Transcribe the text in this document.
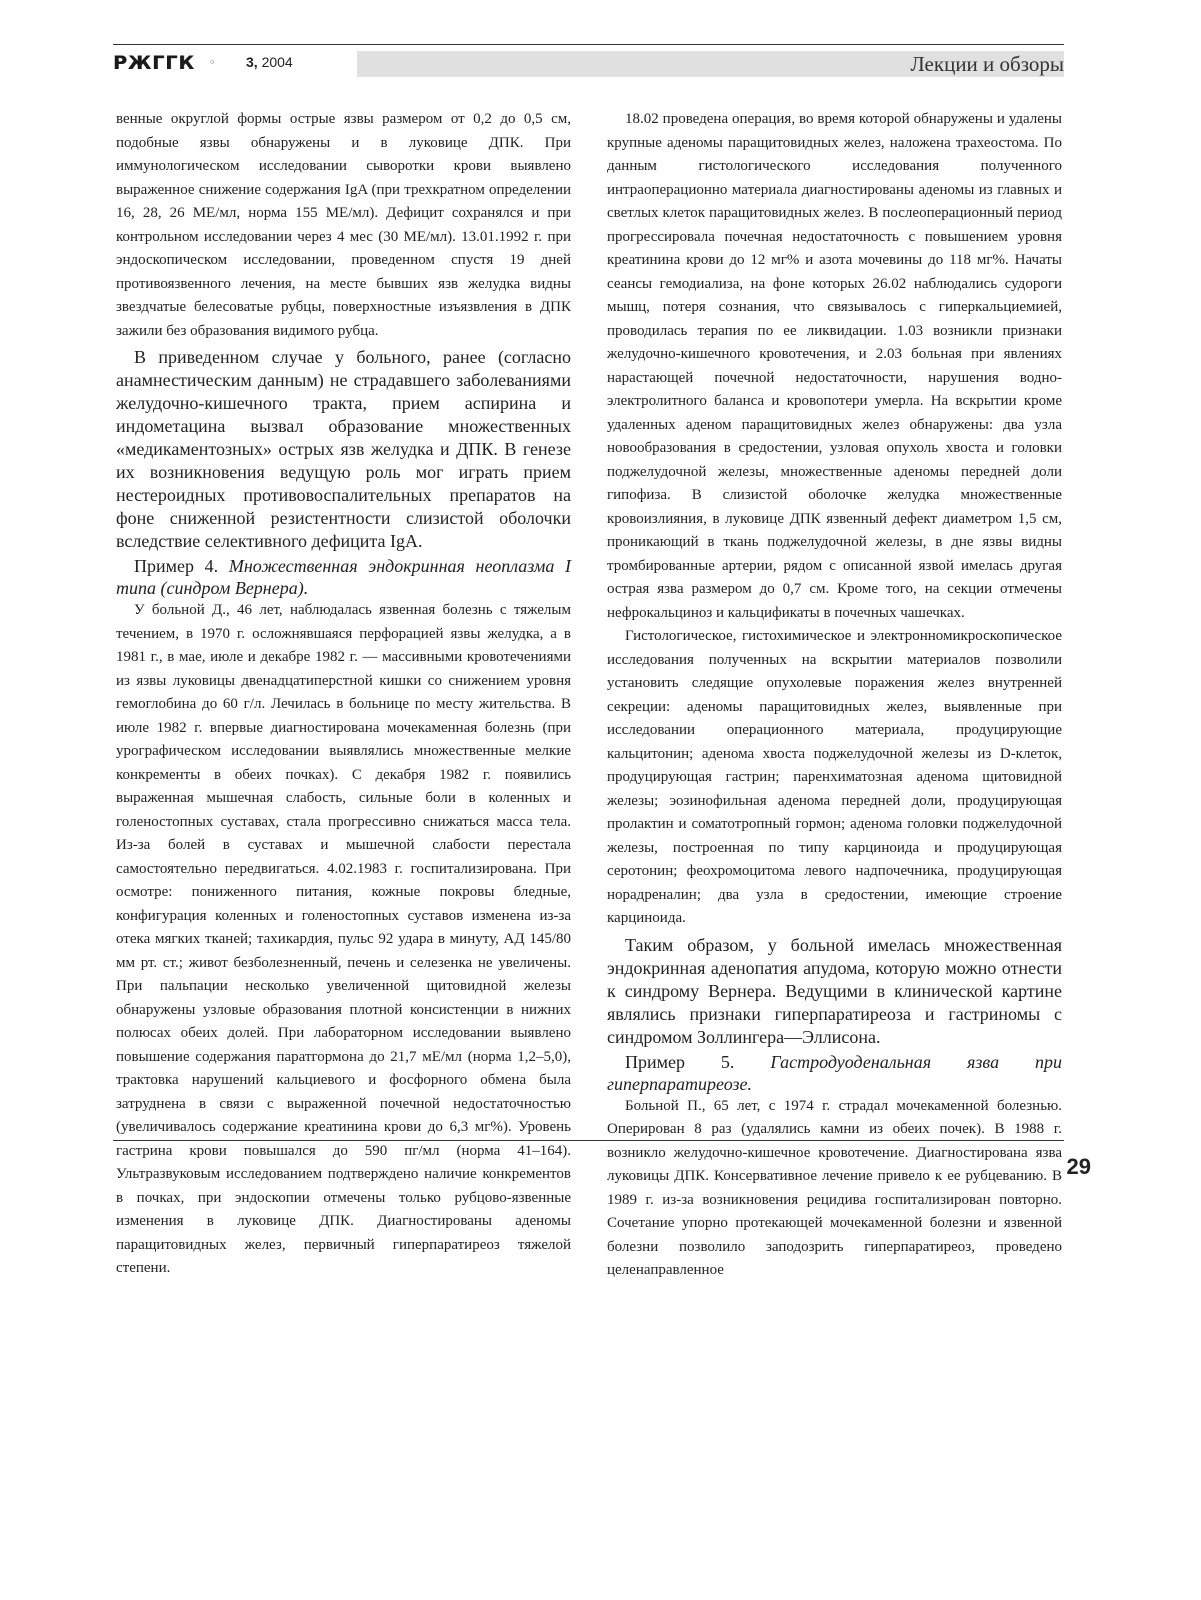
РЖГГК ◦ 3, 2004	Лекции и обзоры

венные округлой формы острые язвы размером от 0,2 до 0,5 см, подобные язвы обнаружены и в луковице ДПК. При иммунологическом исследовании сыворотки крови выявлено выраженное снижение содержания IgA (при трехкратном определении 16, 28, 26 МЕ/мл, норма 155 МЕ/мл). Дефицит сохранялся и при контрольном исследовании через 4 мес (30 МЕ/мл). 13.01.1992 г. при эндоскопическом исследовании, проведенном спустя 19 дней противоязвенного лечения, на месте бывших язв желудка видны звездчатые белесоватые рубцы, поверхностные изъязвления в ДПК зажили без образования видимого рубца.

В приведенном случае у больного, ранее (согласно анамнестическим данным) не страдавшего заболеваниями желудочно-кишечного тракта, прием аспирина и индометацина вызвал образование множественных «медикаментозных» острых язв желудка и ДПК. В генезе их возникновения ведущую роль мог играть прием нестероидных противовоспалительных препаратов на фоне сниженной резистентности слизистой оболочки вследствие селективного дефицита IgA.

Пример 4. Множественная эндокринная неоплазма I типа (синдром Вернера).

У больной Д., 46 лет, наблюдалась язвенная болезнь с тяжелым течением, в 1970 г. осложнявшаяся перфорацией язвы желудка, а в 1981 г., в мае, июле и декабре 1982 г. — массивными кровотечениями из язвы луковицы двенадцатиперстной кишки со снижением уровня гемоглобина до 60 г/л. Лечилась в больнице по месту жительства. В июле 1982 г. впервые диагностирована мочекаменная болезнь (при урографическом исследовании выявлялись множественные мелкие конкременты в обеих почках). С декабря 1982 г. появились выраженная мышечная слабость, сильные боли в коленных и голеностопных суставах, стала прогрессивно снижаться масса тела. Из-за болей в суставах и мышечной слабости перестала самостоятельно передвигаться. 4.02.1983 г. госпитализирована. При осмотре: пониженного питания, кожные покровы бледные, конфигурация коленных и голеностопных суставов изменена из-за отека мягких тканей; тахикардия, пульс 92 удара в минуту, АД 145/80 мм рт. ст.; живот безболезненный, печень и селезенка не увеличены. При пальпации несколько увеличенной щитовидной железы обнаружены узловые образования плотной консистенции в нижних полюсах обеих долей. При лабораторном исследовании выявлено повышение содержания паратгормона до 21,7 мЕ/мл (норма 1,2–5,0), трактовка нарушений кальциевого и фосфорного обмена была затруднена в связи с выраженной почечной недостаточностью (увеличивалось содержание креатинина крови до 6,3 мг%). Уровень гастрина крови повышался до 590 пг/мл (норма 41–164). Ультразвуковым исследованием подтверждено наличие конкрементов в почках, при эндоскопии отмечены только рубцово-язвенные изменения в луковице ДПК. Диагностированы аденомы паращитовидных желез, первичный гиперпаратиреоз тяжелой степени.

18.02 проведена операция, во время которой обнаружены и удалены крупные аденомы паращитовидных желез, наложена трахеостома. По данным гистологического исследования полученного интраоперационно материала диагностированы аденомы из главных и светлых клеток паращитовидных желез. В послеоперационный период прогрессировала почечная недостаточность с повышением уровня креатинина крови до 12 мг% и азота мочевины до 118 мг%. Начаты сеансы гемодиализа, на фоне которых 26.02 наблюдались судороги мышц, потеря сознания, что связывалось с гиперкальциемией, проводилась терапия по ее ликвидации. 1.03 возникли признаки желудочно-кишечного кровотечения, и 2.03 больная при явлениях нарастающей почечной недостаточности, нарушения водно-электролитного баланса и кровопотери умерла. На вскрытии кроме удаленных аденом паращитовидных желез обнаружены: два узла новообразования в средостении, узловая опухоль хвоста и головки поджелудочной железы, множественные аденомы передней доли гипофиза. В слизистой оболочке желудка множественные кровоизлияния, в луковице ДПК язвенный дефект диаметром 1,5 см, проникающий в ткань поджелудочной железы, в дне язвы видны тромбированные артерии, рядом с описанной язвой имелась другая острая язва размером до 0,7 см. Кроме того, на секции отмечены нефрокальциноз и кальцификаты в почечных чашечках.

Гистологическое, гистохимическое и электронномикроскопическое исследования полученных на вскрытии материалов позволили установить следящие опухолевые поражения желез внутренней секреции: аденомы паращитовидных желез, выявленные при исследовании операционного материала, продуцирующие кальцитонин; аденома хвоста поджелудочной железы из D-клеток, продуцирующая гастрин; паренхиматозная аденома щитовидной железы; эозинофильная аденома передней доли, продуцирующая пролактин и соматотропный гормон; аденома головки поджелудочной железы, построенная по типу карциноида и продуцирующая серотонин; феохромоцитома левого надпочечника, продуцирующая норадреналин; два узла в средостении, имеющие строение карциноида.

Таким образом, у больной имелась множественная эндокринная аденопатия апудома, которую можно отнести к синдрому Вернера. Ведущими в клинической картине являлись признаки гиперпаратиреоза и гастриномы с синдромом Золлингера—Эллисона.

Пример 5. Гастродуоденальная язва при гиперпаратиреозе.

Больной П., 65 лет, с 1974 г. страдал мочекаменной болезнью. Оперирован 8 раз (удалялись камни из обеих почек). В 1988 г. возникло желудочно-кишечное кровотечение. Диагностирована язва луковицы ДПК. Консервативное лечение привело к ее рубцеванию. В 1989 г. из-за возникновения рецидива госпитализирован повторно. Сочетание упорно протекающей мочекаменной болезни и язвенной болезни позволило заподозрить гиперпаратиреоз, проведено целенаправленное

29
